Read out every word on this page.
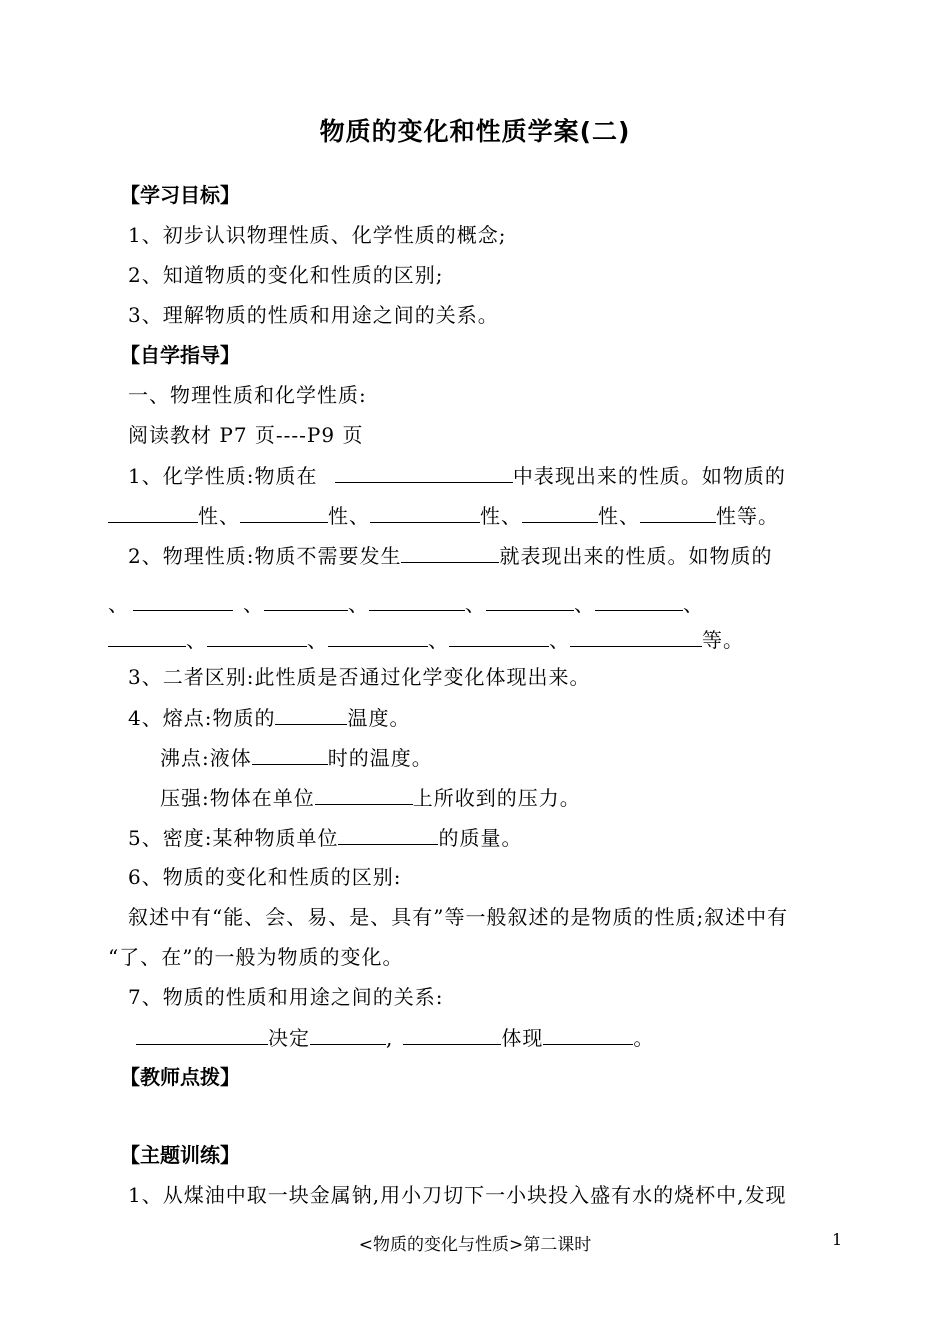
物质的变化和性质学案(二)
【学习目标】
1、初步认识物理性质、化学性质的概念;
2、知道物质的变化和性质的区别;
3、理解物质的性质和用途之间的关系。
【自学指导】
一、物理性质和化学性质:
阅读教材 P7 页----P9 页
1、化学性质:物质在	中表现出来的性质。如物质的
性、	性、	性、	性、	性等。
2、物理性质:物质不需要发生	就表现出来的性质。如物质的
、	、	、	、	、	、
、	、	、	、	等。
3、二者区别:此性质是否通过化学变化体现出来。
4、熔点:物质的	温度。
沸点:液体	时的温度。
压强:物体在单位	上所收到的压力。
5、密度:某种物质单位	的质量。
6、物质的变化和性质的区别:
叙述中有“能、会、易、是、具有”等一般叙述的是物质的性质;叙述中有
“了、在”的一般为物质的变化。
7、物质的性质和用途之间的关系:
决定	,	体现	。
【教师点拨】
【主题训练】
1、从煤油中取一块金属钠,用小刀切下一小块投入盛有水的烧杯中,发现
<物质的变化与性质>第二课时	1
